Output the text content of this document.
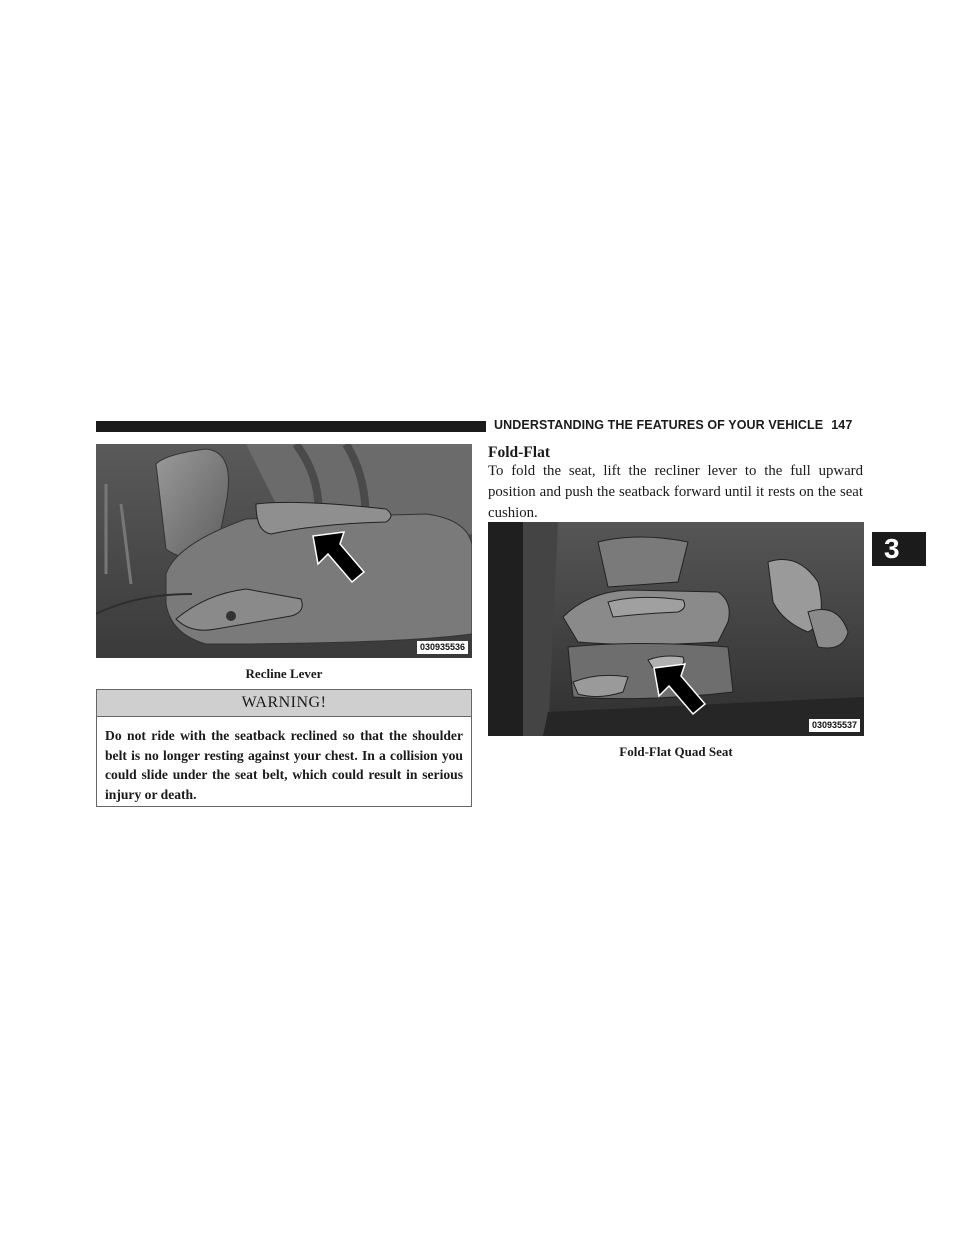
UNDERSTANDING THE FEATURES OF YOUR VEHICLE 147
3
030935536
Recline Lever
WARNING!
Do not ride with the seatback reclined so that the shoulder belt is no longer resting against your chest. In a collision you could slide under the seat belt, which could result in serious injury or death.
Fold-Flat
To fold the seat, lift the recliner lever to the full upward position and push the seatback forward until it rests on the seat cushion.
030935537
Fold-Flat Quad Seat
